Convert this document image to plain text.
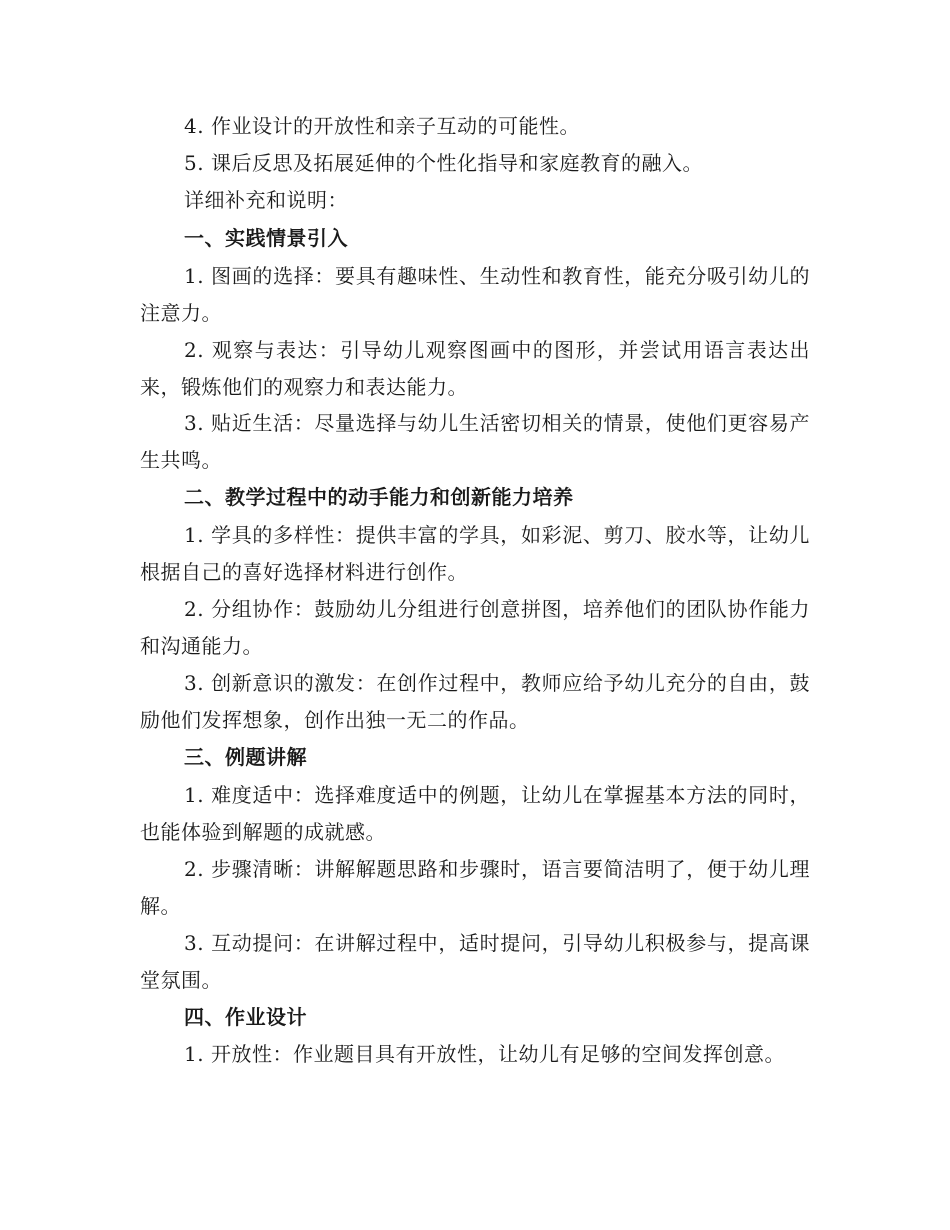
4. 作业设计的开放性和亲子互动的可能性。

5. 课后反思及拓展延伸的个性化指导和家庭教育的融入。

详细补充和说明：

一、实践情景引入

1. 图画的选择：要具有趣味性、生动性和教育性，能充分吸引幼儿的注意力。

2. 观察与表达：引导幼儿观察图画中的图形，并尝试用语言表达出来，锻炼他们的观察力和表达能力。

3. 贴近生活：尽量选择与幼儿生活密切相关的情景，使他们更容易产生共鸣。

二、教学过程中的动手能力和创新能力培养

1. 学具的多样性：提供丰富的学具，如彩泥、剪刀、胶水等，让幼儿根据自己的喜好选择材料进行创作。

2. 分组协作：鼓励幼儿分组进行创意拼图，培养他们的团队协作能力和沟通能力。

3. 创新意识的激发：在创作过程中，教师应给予幼儿充分的自由，鼓励他们发挥想象，创作出独一无二的作品。

三、例题讲解

1. 难度适中：选择难度适中的例题，让幼儿在掌握基本方法的同时，也能体验到解题的成就感。

2. 步骤清晰：讲解解题思路和步骤时，语言要简洁明了，便于幼儿理解。

3. 互动提问：在讲解过程中，适时提问，引导幼儿积极参与，提高课堂氛围。

四、作业设计

1. 开放性：作业题目具有开放性，让幼儿有足够的空间发挥创意。
